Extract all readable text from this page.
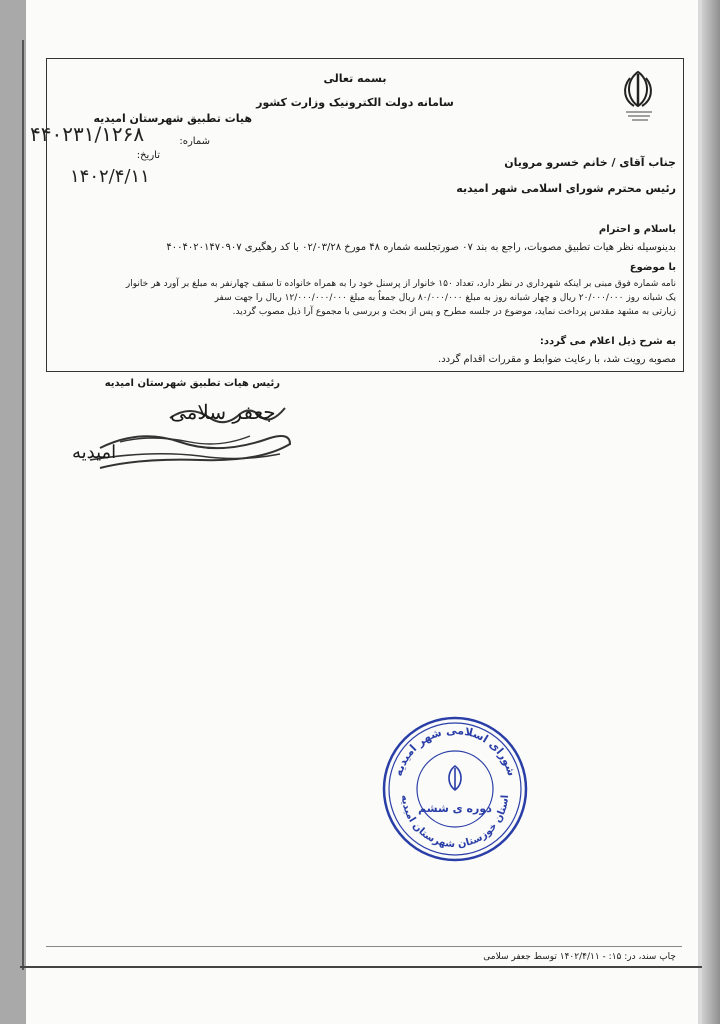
بسمه تعالی
سامانه دولت الکترونیک وزارت کشور
هیات تطبیق شهرستان امیدیه
شماره:
تاریخ:
۴۴۰۲۳۱/۱۲۶۸
۱۴۰۲/۴/۱۱
جناب آقای / خانم خسرو مرویان
رئیس محترم شورای اسلامی شهر امیدیه
باسلام و احترام
بدینوسیله نظر هیات تطبیق مصوبات، راجع به بند ۰۷ صورتجلسه شماره ۴۸ مورخ ۰۲/۰۳/۲۸ با کد رهگیری ۴۰۰۴۰۲۰۱۴۷۰۹۰۷
با موضوع
نامه شماره فوق مبنی بر اینکه شهرداری در نظر دارد، تعداد ۱۵۰ خانوار از پرسنل خود را به همراه خانواده تا سقف چهارنفر به مبلغ بر آورد هر خانوار
یک شبانه روز ۲۰/۰۰۰/۰۰۰ ریال و چهار شبانه روز به مبلغ ۸۰/۰۰۰/۰۰۰ ریال جمعاٌ به مبلغ ۱۲/۰۰۰/۰۰۰/۰۰۰ ریال را جهت سفر
زیارتی به مشهد مقدس پرداخت نماید، موضوع در جلسه مطرح و پس از بحث و بررسی با مجموع آرا ذیل مصوب گردید.
به شرح ذیل اعلام می گردد:
مصوبه رویت شد، با رعایت ضوابط و مقررات اقدام گردد.
رئیس هیات تطبیق شهرستان امیدیه
جعفر سلامی
امیدیه
شورای اسلامی شهر امیدیه
استان خوزستان شهرستان امیدیه
دوره ی ششم
چاپ سند، در: ۱۵: - ۱۴۰۲/۴/۱۱ توسط جعفر سلامی
